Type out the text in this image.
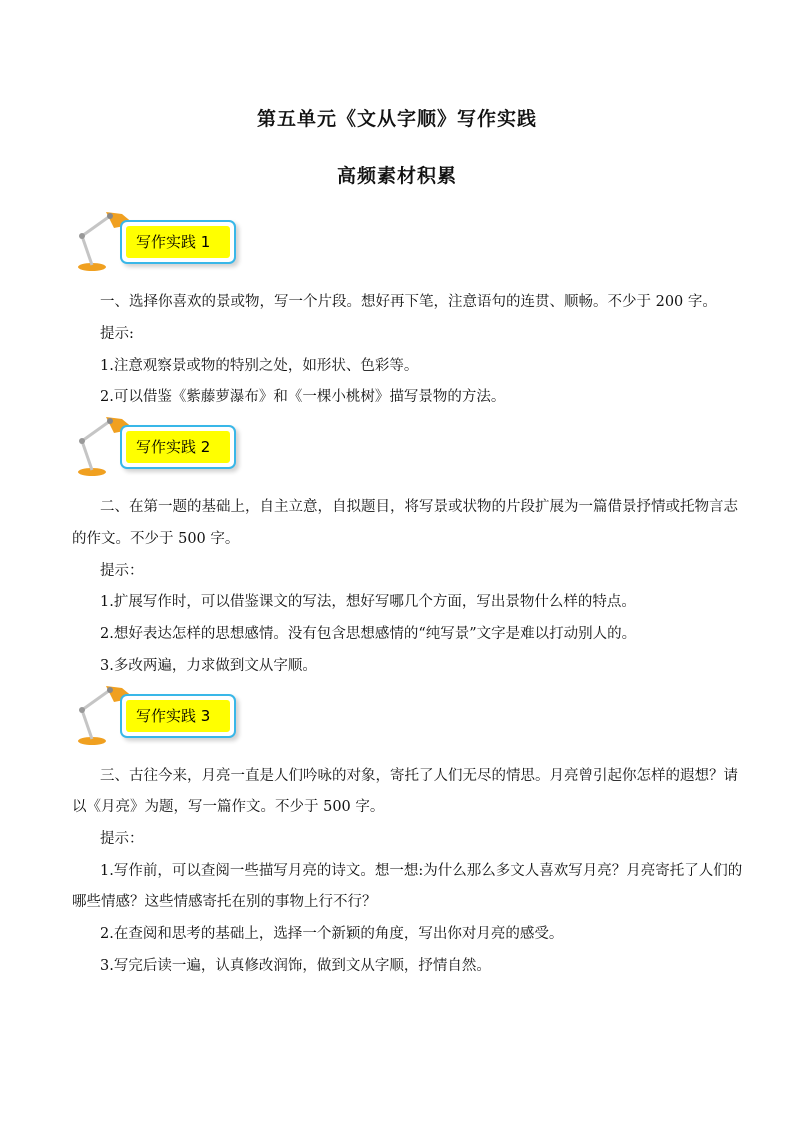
第五单元《文从字顺》写作实践
高频素材积累
写作实践 1
一、选择你喜欢的景或物，写一个片段。想好再下笔，注意语句的连贯、顺畅。不少于 200 字。
提示:
1.注意观察景或物的特别之处，如形状、色彩等。
2.可以借鉴《紫藤萝瀑布》和《一棵小桃树》描写景物的方法。
写作实践 2
二、在第一题的基础上，自主立意，自拟题目，将写景或状物的片段扩展为一篇借景抒情或托物言志
的作文。不少于 500 字。
提示：
1.扩展写作时，可以借鉴课文的写法，想好写哪几个方面，写出景物什么样的特点。
2.想好表达怎样的思想感情。没有包含思想感情的“纯写景”文字是难以打动别人的。
3.多改两遍，力求做到文从字顺。
写作实践 3
三、古往今来，月亮一直是人们吟咏的对象，寄托了人们无尽的情思。月亮曾引起你怎样的遐想？请
以《月亮》为题，写一篇作文。不少于 500 字。
提示：
1.写作前，可以查阅一些描写月亮的诗文。想一想:为什么那么多文人喜欢写月亮？月亮寄托了人们的
哪些情感？这些情感寄托在别的事物上行不行？
2.在查阅和思考的基础上，选择一个新颖的角度，写出你对月亮的感受。
3.写完后读一遍，认真修改润饰，做到文从字顺，抒情自然。
